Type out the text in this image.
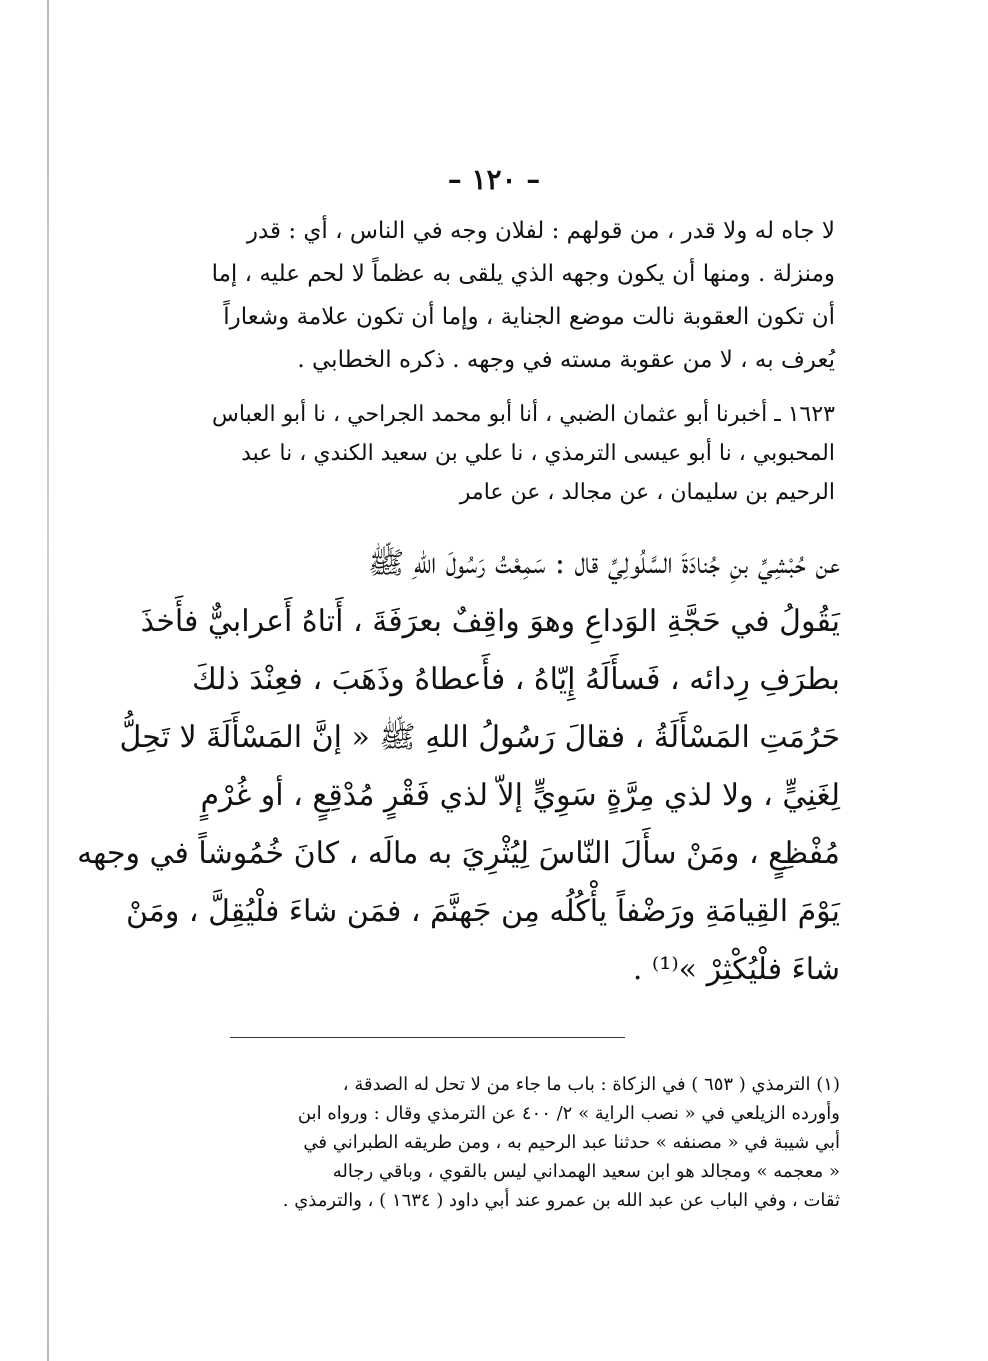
– ١٢٠ –
لا جاه له ولا قدر ، من قولهم : لفلان وجه في الناس ، أي : قدر
ومنزلة . ومنها أن يكون وجهه الذي يلقى به عظماً لا لحم عليه ، إما
أن تكون العقوبة نالت موضع الجناية ، وإما أن تكون علامة وشعاراً
يُعرف به ، لا من عقوبة مسته في وجهه . ذكره الخطابي .
١٦٢٣ ـ أخبرنا أبو عثمان الضبي ، أنا أبو محمد الجراحي ، نا أبو العباس
المحبوبي ، نا أبو عيسى الترمذي ، نا علي بن سعيد الكندي ، نا عبد
الرحيم بن سليمان ، عن مجالد ، عن عامر
عن حُبْشِيِّ بنِ جُنادَةَ السَّلُولِيِّ قال : سَمِعْتُ رَسُولَ اللهِ ﷺ
يَقُولُ في حَجَّةِ الوَداعِ وهوَ واقِفٌ بعرَفَةَ ، أَتاهُ أَعرابيٌّ فأَخذَ
بطرَفِ رِدائه ، فَسأَلَهُ إِيّاهُ ، فأَعطاهُ وذَهَبَ ، فعِنْدَ ذلكَ
حَرُمَتِ المَسْأَلَةُ ، فقالَ رَسُولُ اللهِ ﷺ « إنَّ المَسْأَلَةَ لا تَحِلُّ
لِغَنِيٍّ ، ولا لذي مِرَّةٍ سَوِيٍّ إلاّ لذي فَقْرٍ مُدْقِعٍ ، أو غُرْمٍ
مُفْظِعٍ ، ومَنْ سأَلَ النّاسَ لِيُثْرِيَ به مالَه ، كانَ خُمُوشاً في وجهه
يَوْمَ القِيامَةِ ورَضْفاً يأْكُلُه مِن جَهنَّمَ ، فمَن شاءَ فلْيُقِلَّ ، ومَنْ
شاءَ فلْيُكْثِرْ »⁽¹⁾ .
(١) الترمذي ( ٦٥٣ ) في الزكاة : باب ما جاء من لا تحل له الصدقة ،
وأورده الزيلعي في « نصب الراية » ٢/ ٤٠٠ عن الترمذي وقال : ورواه ابن
أبي شيبة في « مصنفه » حدثنا عبد الرحيم به ، ومن طريقه الطبراني في
« معجمه » ومجالد هو ابن سعيد الهمداني ليس بالقوي ، وباقي رجاله
ثقات ، وفي الباب عن عبد الله بن عمرو عند أبي داود ( ١٦٣٤ ) ، والترمذي .
